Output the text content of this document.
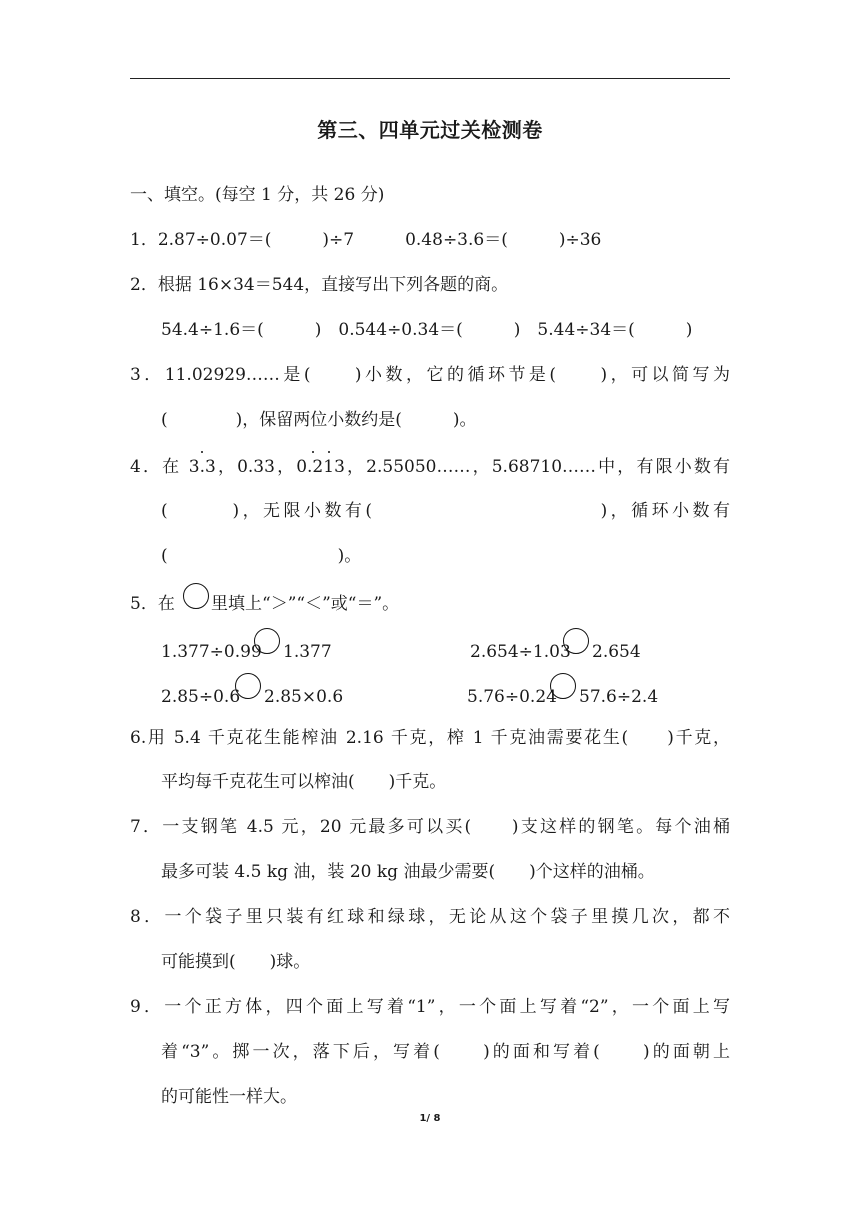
第三、四单元过关检测卷
一、填空。(每空 1 分，共 26 分)
1．2.87÷0.07＝(　　　)÷7　　　0.48÷3.6＝(　　　)÷36
2．根据 16×34＝544，直接写出下列各题的商。
54.4÷1.6＝(　　　)　0.544÷0.34＝(　　　)　5.44÷34＝(　　　)
3．11.02929……是(　　)小数，它的循环节是(　　)，可以简写为
(　　　　)，保留两位小数约是(　　　)。
4．在 3.3，0.33，0.213，2.55050……，5.68710……中，有限小数有
(　　　)，无限小数有(　　　　　　　　　　　)，循环小数有
(　　　　　　　　　　)。
5．在 里填上“＞”“＜”或“＝”。
1.377÷0.99 1.377	2.654÷1.03 2.654
2.85÷0.6 2.85×0.6	5.76÷0.24 57.6÷2.4
6.用 5.4 千克花生能榨油 2.16 千克，榨 1 千克油需要花生(　　)千克，
平均每千克花生可以榨油(　　)千克。
7．一支钢笔 4.5 元，20 元最多可以买(　　)支这样的钢笔。每个油桶
最多可装 4.5 kg 油，装 20 kg 油最少需要(　　)个这样的油桶。
8．一个袋子里只装有红球和绿球，无论从这个袋子里摸几次，都不
可能摸到(　　)球。
9．一个正方体，四个面上写着“1”，一个面上写着“2”，一个面上写
着“3”。掷一次，落下后，写着(　　)的面和写着(　　)的面朝上
的可能性一样大。
1/ 8
